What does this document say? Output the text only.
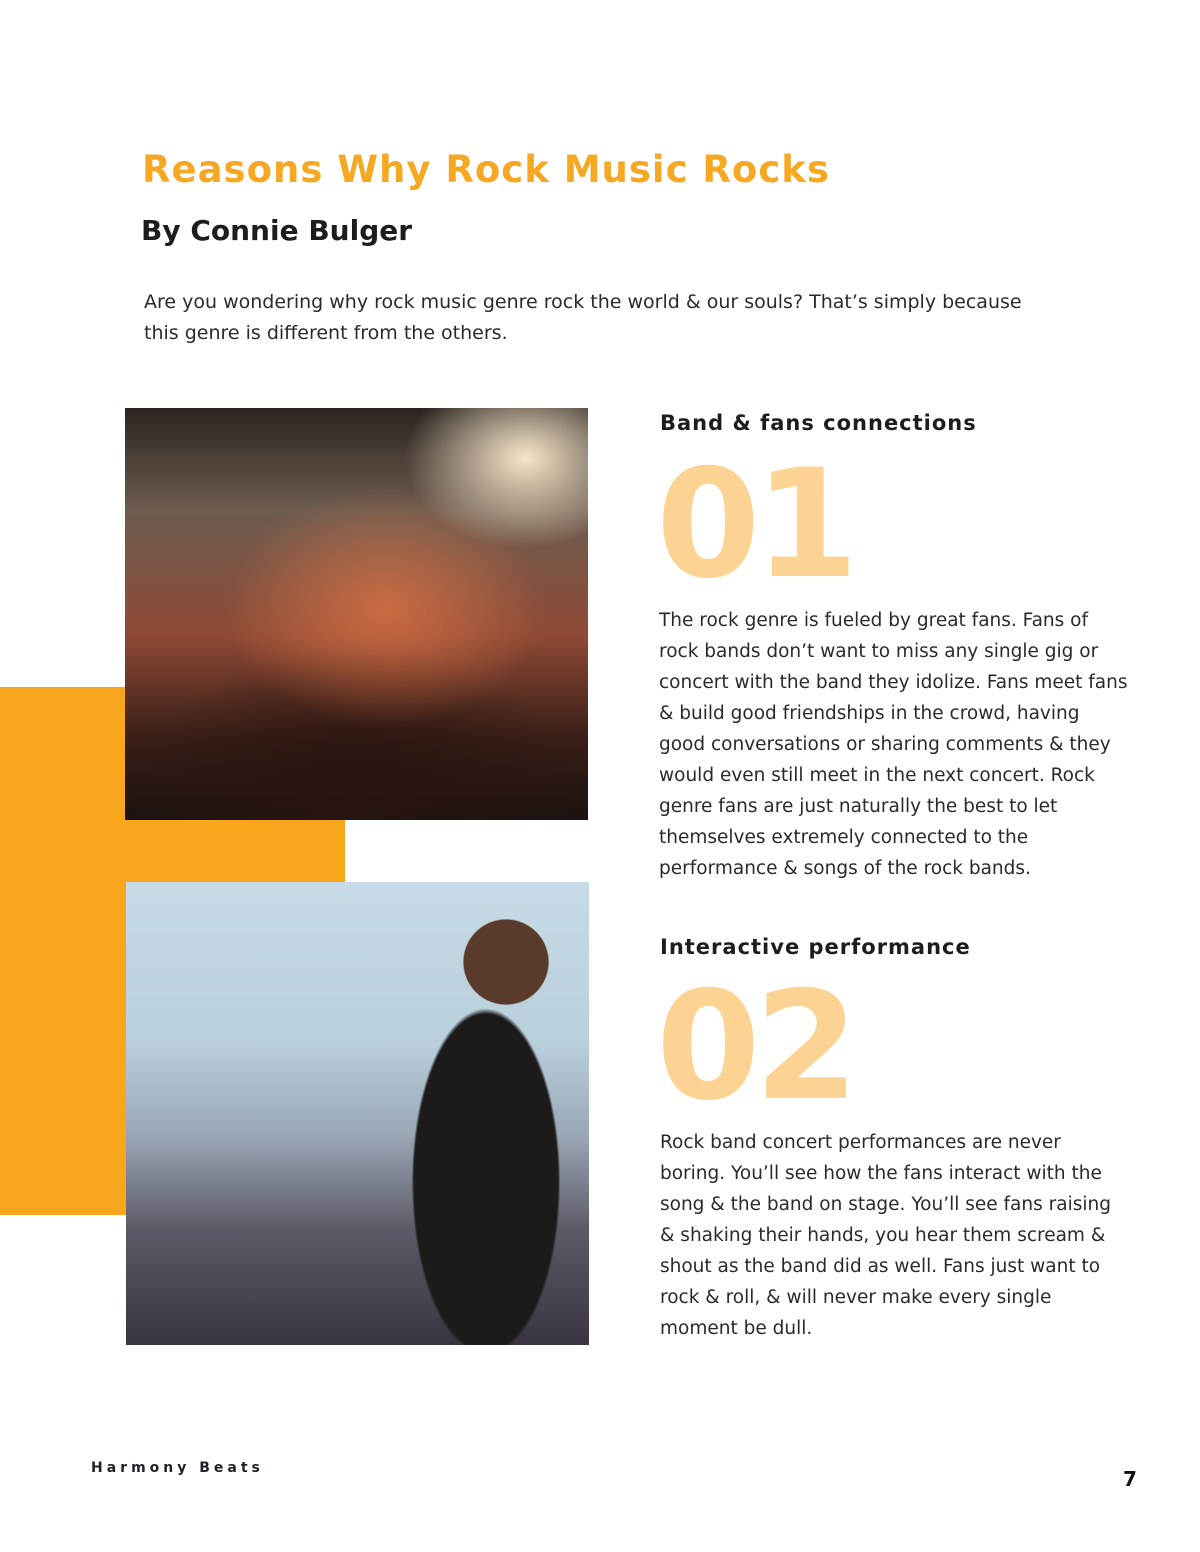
Reasons Why Rock Music Rocks
By Connie Bulger
Are you wondering why rock music genre rock the world & our souls? That’s simply because this genre is different from the others.
Band & fans connections
01
The rock genre is fueled by great fans. Fans of rock bands don’t want to miss any single gig or concert with the band they idolize. Fans meet fans & build good friendships in the crowd, having good conversations or sharing comments & they would even still meet in the next concert. Rock genre fans are just naturally the best to let themselves extremely connected to the performance & songs of the rock bands.
Interactive performance
02
Rock band concert performances are never boring. You’ll see how the fans interact with the song & the band on stage. You’ll see fans raising & shaking their hands, you hear them scream & shout as the band did as well. Fans just want to rock & roll, & will never make every single moment be dull.
Harmony Beats	7
